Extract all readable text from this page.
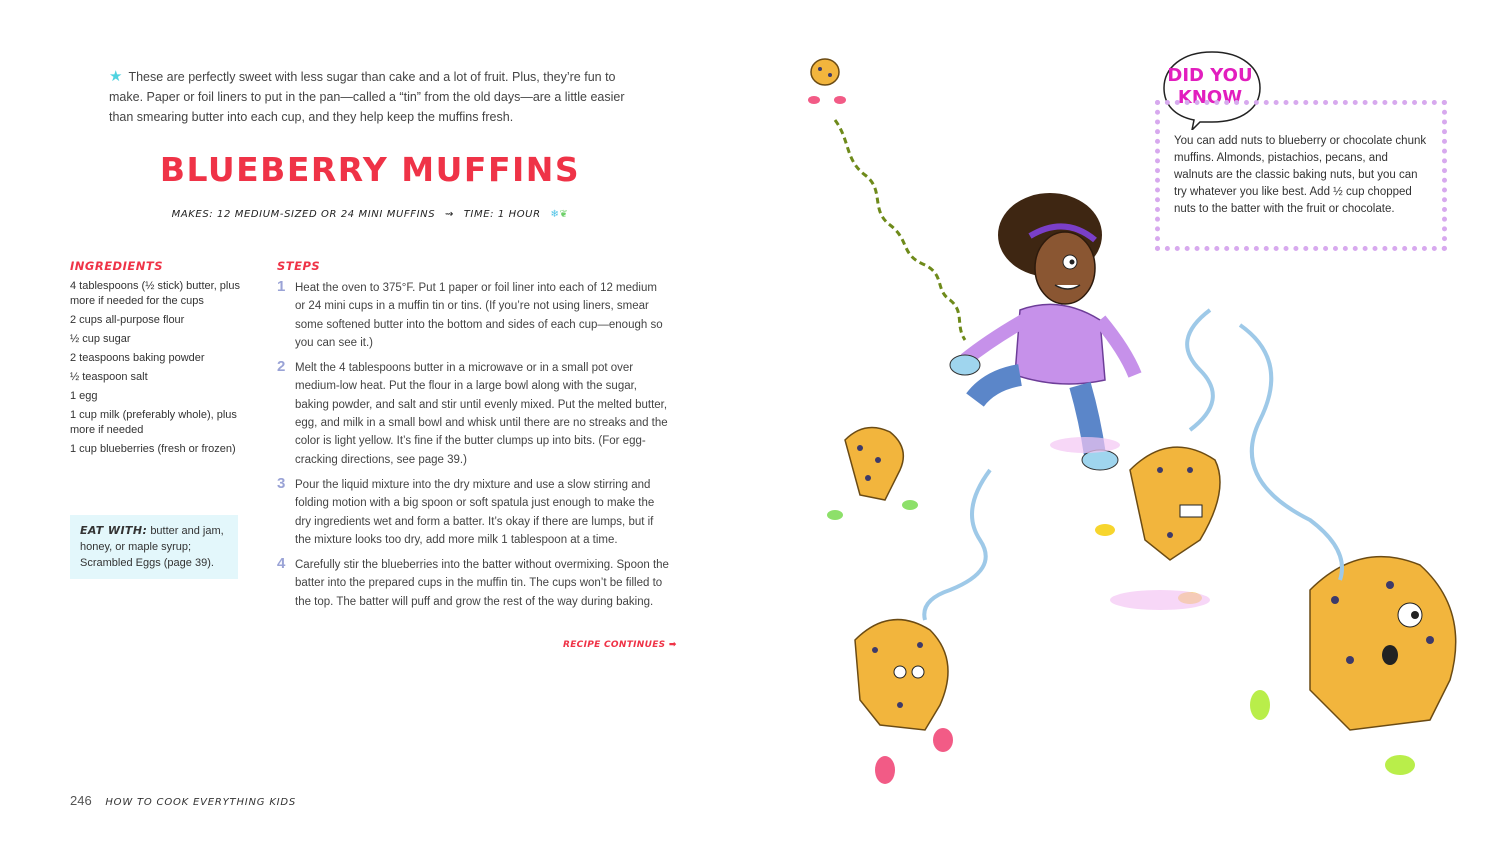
★ These are perfectly sweet with less sugar than cake and a lot of fruit. Plus, they’re fun to make. Paper or foil liners to put in the pan—called a “tin” from the old days—are a little easier than smearing butter into each cup, and they help keep the muffins fresh.
BLUEBERRY MUFFINS
MAKES: 12 MEDIUM-SIZED OR 24 MINI MUFFINS ⇝ TIME: 1 HOUR ❄❦
INGREDIENTS
4 tablespoons (½ stick) butter, plus more if needed for the cups
2 cups all-purpose flour
½ cup sugar
2 teaspoons baking powder
½ teaspoon salt
1 egg
1 cup milk (preferably whole), plus more if needed
1 cup blueberries (fresh or frozen)
EAT WITH: butter and jam, honey, or maple syrup; Scrambled Eggs (page 39).
STEPS
1 Heat the oven to 375°F. Put 1 paper or foil liner into each of 12 medium or 24 mini cups in a muffin tin or tins. (If you’re not using liners, smear some softened butter into the bottom and sides of each cup—enough so you can see it.)
2 Melt the 4 tablespoons butter in a microwave or in a small pot over medium-low heat. Put the flour in a large bowl along with the sugar, baking powder, and salt and stir until evenly mixed. Put the melted butter, egg, and milk in a small bowl and whisk until there are no streaks and the color is light yellow. It’s fine if the butter clumps up into bits. (For egg-cracking directions, see page 39.)
3 Pour the liquid mixture into the dry mixture and use a slow stirring and folding motion with a big spoon or soft spatula just enough to make the dry ingredients wet and form a batter. It’s okay if there are lumps, but if the mixture looks too dry, add more milk 1 tablespoon at a time.
4 Carefully stir the blueberries into the batter without overmixing. Spoon the batter into the prepared cups in the muffin tin. The cups won’t be filled to the top. The batter will puff and grow the rest of the way during baking.
RECIPE CONTINUES ➡
246 HOW TO COOK EVERYTHING KIDS
DID YOU
KNOW
You can add nuts to blueberry or chocolate chunk muffins. Almonds, pistachios, pecans, and walnuts are the classic baking nuts, but you can try whatever you like best. Add ½ cup chopped nuts to the batter with the fruit or chocolate.
